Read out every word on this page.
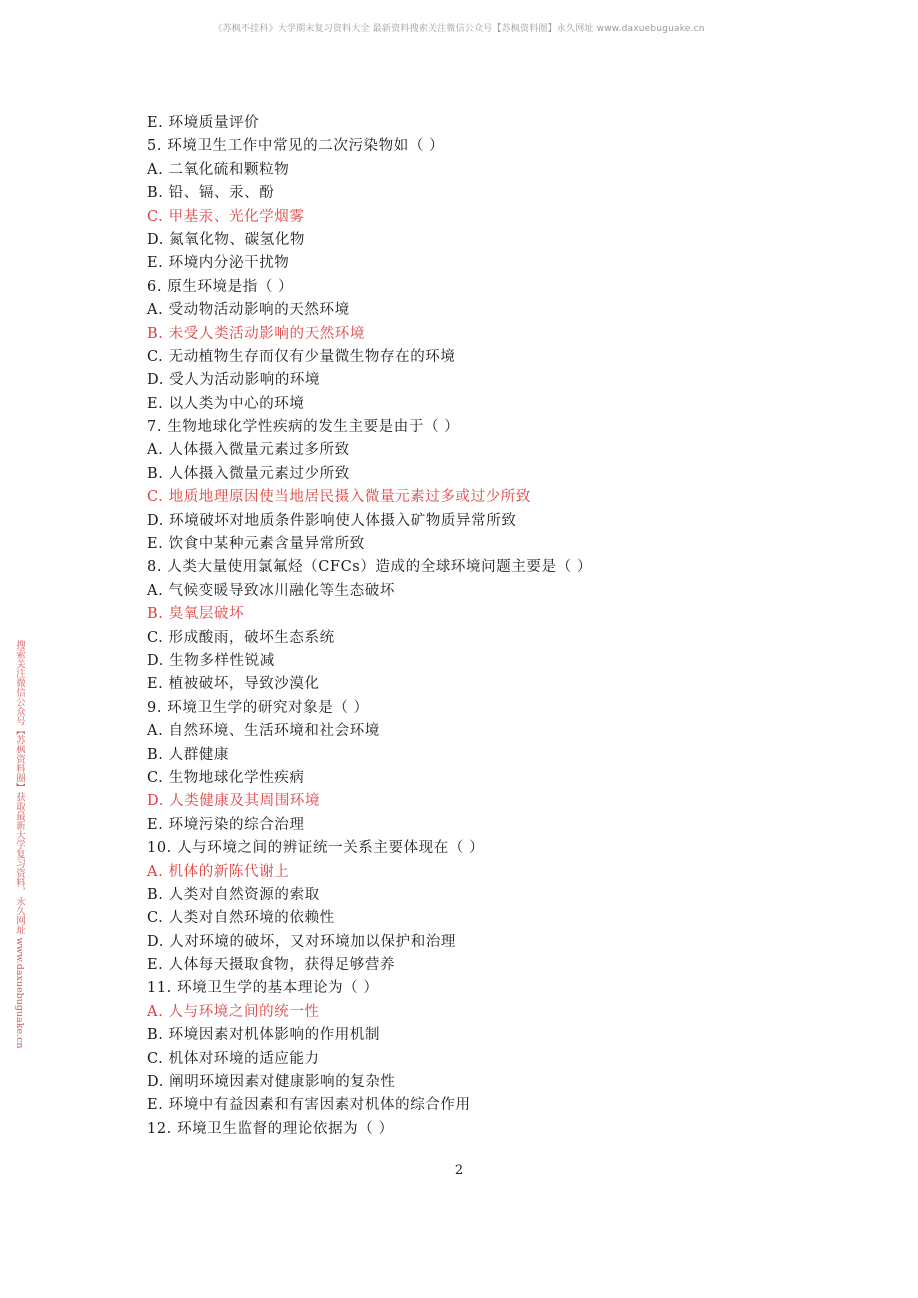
《苏枫不挂科》大学期末复习资料大全 最新资料搜索关注微信公众号【苏枫资料圈】永久网址 www.daxuebuguake.cn
搜索关注微信公众号【苏枫资料圈】获取最新大学复习资料，永久网址 www.daxuebuguake.cn
E. 环境质量评价
5. 环境卫生工作中常见的二次污染物如（ ）
A. 二氧化硫和颗粒物
B. 铅、镉、汞、酚
C. 甲基汞、光化学烟雾
D. 氮氧化物、碳氢化物
E. 环境内分泌干扰物
6. 原生环境是指（ ）
A. 受动物活动影响的天然环境
B. 未受人类活动影响的天然环境
C. 无动植物生存而仅有少量微生物存在的环境
D. 受人为活动影响的环境
E. 以人类为中心的环境
7. 生物地球化学性疾病的发生主要是由于（ ）
A. 人体摄入微量元素过多所致
B. 人体摄入微量元素过少所致
C. 地质地理原因使当地居民摄入微量元素过多或过少所致
D. 环境破坏对地质条件影响使人体摄入矿物质异常所致
E. 饮食中某种元素含量异常所致
8. 人类大量使用氯氟烃（CFCs）造成的全球环境问题主要是（ ）
A. 气候变暖导致冰川融化等生态破坏
B. 臭氧层破坏
C. 形成酸雨，破坏生态系统
D. 生物多样性锐减
E. 植被破坏，导致沙漠化
9. 环境卫生学的研究对象是（ ）
A. 自然环境、生活环境和社会环境
B. 人群健康
C. 生物地球化学性疾病
D. 人类健康及其周围环境
E. 环境污染的综合治理
10. 人与环境之间的辨证统一关系主要体现在（ ）
A. 机体的新陈代谢上
B. 人类对自然资源的索取
C. 人类对自然环境的依赖性
D. 人对环境的破坏，又对环境加以保护和治理
E. 人体每天摄取食物，获得足够营养
11. 环境卫生学的基本理论为（ ）
A. 人与环境之间的统一性
B. 环境因素对机体影响的作用机制
C. 机体对环境的适应能力
D. 阐明环境因素对健康影响的复杂性
E. 环境中有益因素和有害因素对机体的综合作用
12. 环境卫生监督的理论依据为（ ）
2
